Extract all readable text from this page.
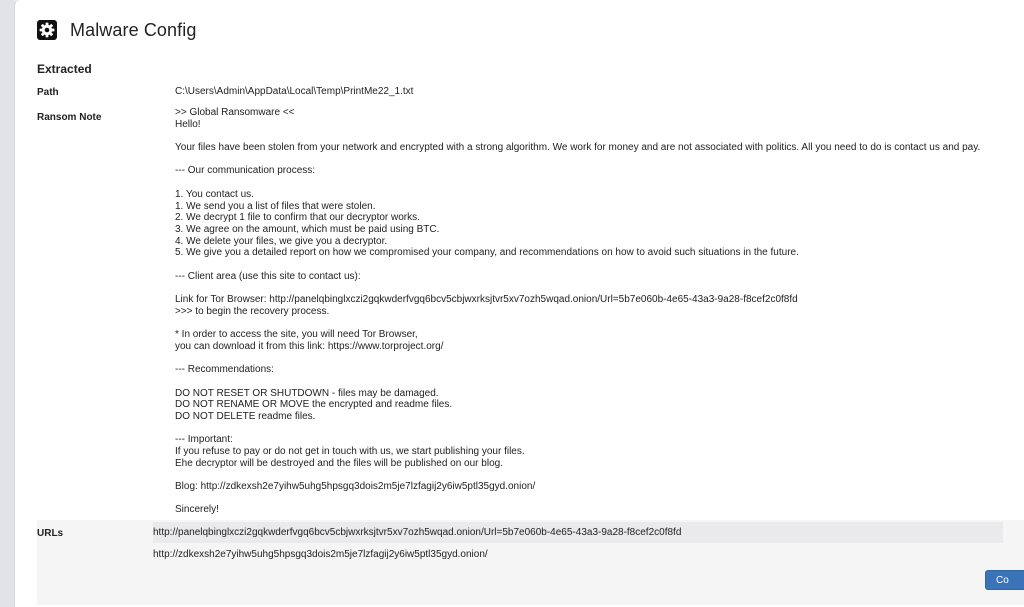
Malware Config
Extracted
Path	C:\Users\Admin\AppData\Local\Temp\PrintMe22_1.txt
Ransom Note	>> Global Ransomware <<
Hello!
Your files have been stolen from your network and encrypted with a strong algorithm. We work for money and are not associated with politics. All you need to do is contact us and pay.
--- Our communication process:
1. You contact us.
1. We send you a list of files that were stolen.
2. We decrypt 1 file to confirm that our decryptor works.
3. We agree on the amount, which must be paid using BTC.
4. We delete your files, we give you a decryptor.
5. We give you a detailed report on how we compromised your company, and recommendations on how to avoid such situations in the future.
--- Client area (use this site to contact us):
Link for Tor Browser: http://panelqbinglxczi2gqkwderfvgq6bcv5cbjwxrksjtvr5xv7ozh5wqad.onion/Url=5b7e060b-4e65-43a3-9a28-f8cef2c0f8fd
>>> to begin the recovery process.
* In order to access the site, you will need Tor Browser,
you can download it from this link: https://www.torproject.org/
--- Recommendations:
DO NOT RESET OR SHUTDOWN - files may be damaged.
DO NOT RENAME OR MOVE the encrypted and readme files.
DO NOT DELETE readme files.
--- Important:
If you refuse to pay or do not get in touch with us, we start publishing your files.
Ehe decryptor will be destroyed and the files will be published on our blog.
Blog: http://zdkexsh2e7yihw5uhg5hpsgq3dois2m5je7lzfagij2y6iw5ptl35gyd.onion/
Sincerely!
URLs	http://panelqbinglxczi2gqkwderfvgq6bcv5cbjwxrksjtvr5xv7ozh5wqad.onion/Url=5b7e060b-4e65-43a3-9a28-f8cef2c0f8fd
http://zdkexsh2e7yihw5uhg5hpsgq3dois2m5je7lzfagij2y6iw5ptl35gyd.onion/
Co
